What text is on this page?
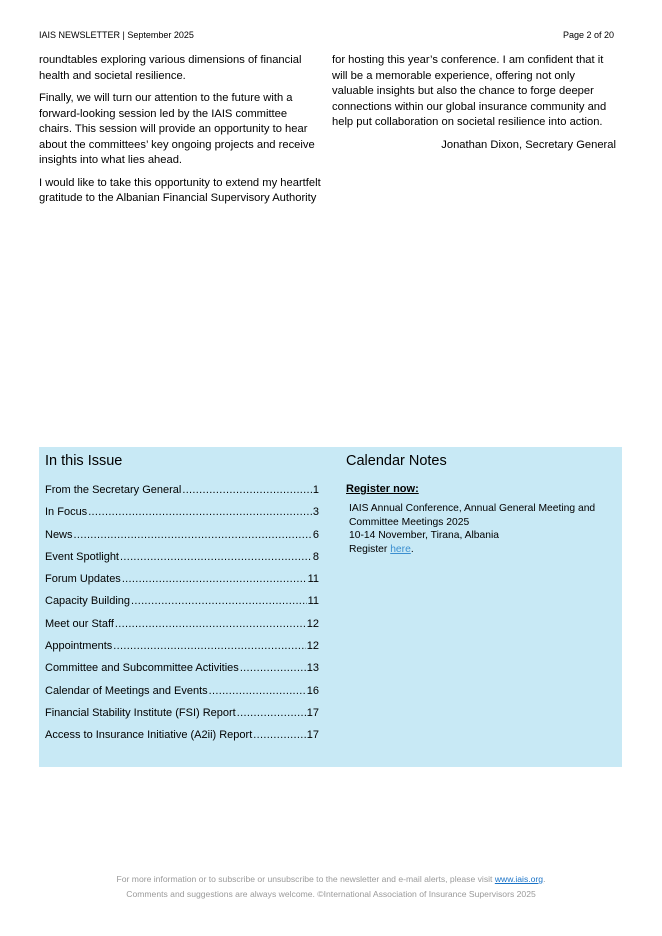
IAIS NEWSLETTER | September 2025	Page 2 of 20

roundtables exploring various dimensions of financial health and societal resilience.

Finally, we will turn our attention to the future with a forward-looking session led by the IAIS committee chairs. This session will provide an opportunity to hear about the committees’ key ongoing projects and receive insights into what lies ahead.

I would like to take this opportunity to extend my heartfelt gratitude to the Albanian Financial Supervisory Authority

for hosting this year’s conference. I am confident that it will be a memorable experience, offering not only valuable insights but also the chance to forge deeper connections within our global insurance community and help put collaboration on societal resilience into action.

Jonathan Dixon, Secretary General

In this Issue
From the Secretary General .....	1
In Focus .....	3
News .....	6
Event Spotlight .....	8
Forum Updates .....	11
Capacity Building .....	11
Meet our Staff .....	12
Appointments .....	12
Committee and Subcommittee Activities .....	13
Calendar of Meetings and Events .....	16
Financial Stability Institute (FSI) Report .....	17
Access to Insurance Initiative (A2ii) Report .....	17
Calendar Notes
Register now:
IAIS Annual Conference, Annual General Meeting and Committee Meetings 2025
10-14 November, Tirana, Albania
Register here.
For more information or to subscribe or unsubscribe to the newsletter and e-mail alerts, please visit www.iais.org.
Comments and suggestions are always welcome. ©International Association of Insurance Supervisors 2025
